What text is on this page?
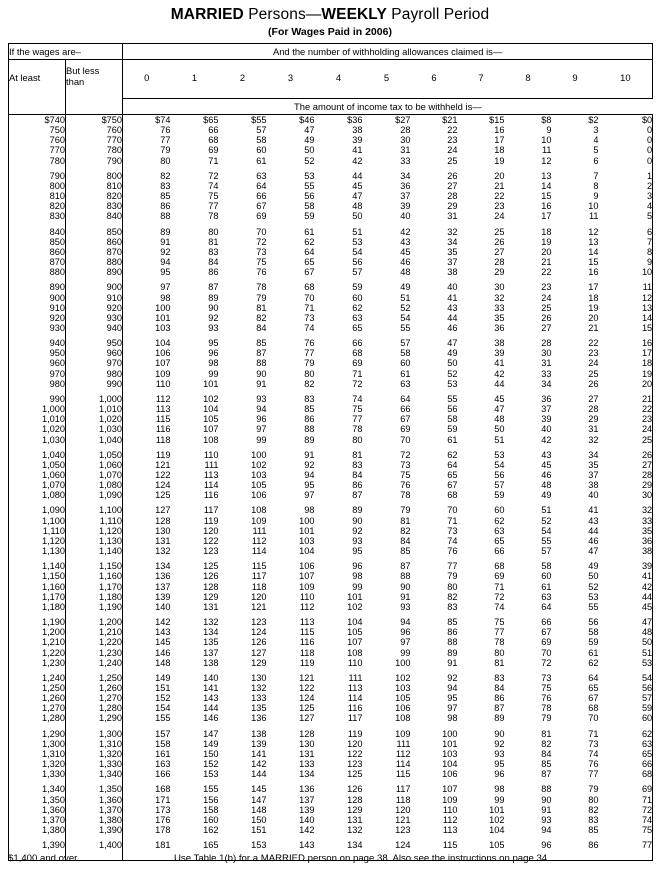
MARRIED Persons—WEEKLY Payroll Period
(For Wages Paid in 2006)
If the wages are–		And the number of withholding allowances claimed is—										
At least	But less
than	0	1	2	3	4	5	6	7	8	9	10

		The amount of income tax to be withheld is—										
$740	$750	$74	$65	$55	$46	$36	$27	$21	$15	$8	$2	$0
750	760	76	66	57	47	38	28	22	16	9	3	0
760	770	77	68	58	49	39	30	23	17	10	4	0
770	780	79	69	60	50	41	31	24	18	11	5	0
780	790	80	71	61	52	42	33	25	19	12	6	0

790	800	82	72	63	53	44	34	26	20	13	7	1
800	810	83	74	64	55	45	36	27	21	14	8	2
810	820	85	75	66	56	47	37	28	22	15	9	3
820	830	86	77	67	58	48	39	29	23	16	10	4
830	840	88	78	69	59	50	40	31	24	17	11	5

840	850	89	80	70	61	51	42	32	25	18	12	6
850	860	91	81	72	62	53	43	34	26	19	13	7
860	870	92	83	73	64	54	45	35	27	20	14	8
870	880	94	84	75	65	56	46	37	28	21	15	9
880	890	95	86	76	67	57	48	38	29	22	16	10

890	900	97	87	78	68	59	49	40	30	23	17	11
900	910	98	89	79	70	60	51	41	32	24	18	12
910	920	100	90	81	71	62	52	43	33	25	19	13
920	930	101	92	82	73	63	54	44	35	26	20	14
930	940	103	93	84	74	65	55	46	36	27	21	15

940	950	104	95	85	76	66	57	47	38	28	22	16
950	960	106	96	87	77	68	58	49	39	30	23	17
960	970	107	98	88	79	69	60	50	41	31	24	18
970	980	109	99	90	80	71	61	52	42	33	25	19
980	990	110	101	91	82	72	63	53	44	34	26	20

990	1,000	112	102	93	83	74	64	55	45	36	27	21
1,000	1,010	113	104	94	85	75	66	56	47	37	28	22
1,010	1,020	115	105	96	86	77	67	58	48	39	29	23
1,020	1,030	116	107	97	88	78	69	59	50	40	31	24
1,030	1,040	118	108	99	89	80	70	61	51	42	32	25

1,040	1,050	119	110	100	91	81	72	62	53	43	34	26
1,050	1,060	121	111	102	92	83	73	64	54	45	35	27
1,060	1,070	122	113	103	94	84	75	65	56	46	37	28
1,070	1,080	124	114	105	95	86	76	67	57	48	38	29
1,080	1,090	125	116	106	97	87	78	68	59	49	40	30

1,090	1,100	127	117	108	98	89	79	70	60	51	41	32
1,100	1,110	128	119	109	100	90	81	71	62	52	43	33
1,110	1,120	130	120	111	101	92	82	73	63	54	44	35
1,120	1,130	131	122	112	103	93	84	74	65	55	46	36
1,130	1,140	132	123	114	104	95	85	76	66	57	47	38

1,140	1,150	134	125	115	106	96	87	77	68	58	49	39
1,150	1,160	136	126	117	107	98	88	79	69	60	50	41
1,160	1,170	137	128	118	109	99	90	80	71	61	52	42
1,170	1,180	139	129	120	110	101	91	82	72	63	53	44
1,180	1,190	140	131	121	112	102	93	83	74	64	55	45

1,190	1,200	142	132	123	113	104	94	85	75	66	56	47
1,200	1,210	143	134	124	115	105	96	86	77	67	58	48
1,210	1,220	145	135	126	116	107	97	88	78	69	59	50
1,220	1,230	146	137	127	118	108	99	89	80	70	61	51
1,230	1,240	148	138	129	119	110	100	91	81	72	62	53

1,240	1,250	149	140	130	121	111	102	92	83	73	64	54
1,250	1,260	151	141	132	122	113	103	94	84	75	65	56
1,260	1,270	152	143	133	124	114	105	95	86	76	67	57
1,270	1,280	154	144	135	125	116	106	97	87	78	68	59
1,280	1,290	155	146	136	127	117	108	98	89	79	70	60

1,290	1,300	157	147	138	128	119	109	100	90	81	71	62
1,300	1,310	158	149	139	130	120	111	101	92	82	73	63
1,310	1,320	161	150	141	131	122	112	103	93	84	74	65
1,320	1,330	163	152	142	133	123	114	104	95	85	76	66
1,330	1,340	166	153	144	134	125	115	106	96	87	77	68

1,340	1,350	168	155	145	136	126	117	107	98	88	79	69
1,350	1,360	171	156	147	137	128	118	109	99	90	80	71
1,360	1,370	173	158	148	139	129	120	110	101	91	82	72
1,370	1,380	176	160	150	140	131	121	112	102	93	83	74
1,380	1,390	178	162	151	142	132	123	113	104	94	85	75

1,390	1,400	181	165	153	143	134	124	115	105	96	86	77

$1,400 and over	Use Table 1(b) for a MARRIED person on page 38. Also see the instructions on page 34.
